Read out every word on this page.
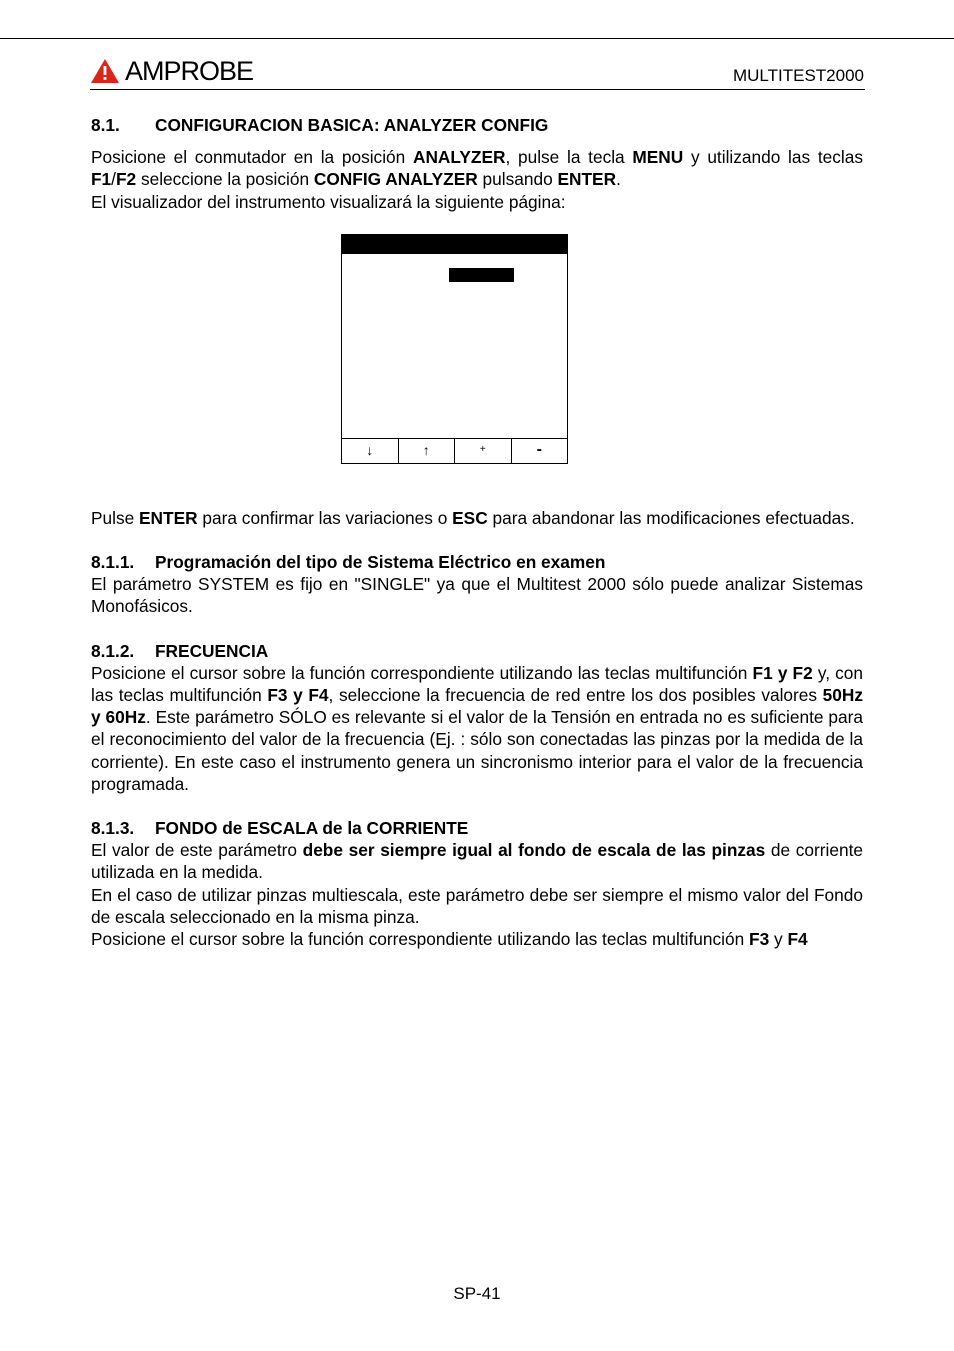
AMPROBE	MULTITEST2000
8.1.	CONFIGURACION BASICA: ANALYZER CONFIG

Posicione el conmutador en la posición ANALYZER, pulse la tecla MENU y utilizando las teclas F1/F2 seleccione la posición CONFIG ANALYZER pulsando ENTER.

El visualizador del instrumento visualizará la siguiente página:

Pulse ENTER para confirmar las variaciones o ESC para abandonar las modificaciones efectuadas.

8.1.1.	Programación del tipo de Sistema Eléctrico en examen

El parámetro SYSTEM es fijo en "SINGLE" ya que el Multitest 2000 sólo puede analizar Sistemas Monofásicos.

8.1.2.	FRECUENCIA

Posicione el cursor sobre la función correspondiente utilizando las teclas multifunción F1 y F2 y, con las teclas multifunción F3 y F4, seleccione la frecuencia de red entre los dos posibles valores 50Hz y 60Hz. Este parámetro SÓLO es relevante si el valor de la Tensión en entrada no es suficiente para el reconocimiento del valor de la frecuencia (Ej. : sólo son conectadas las pinzas por la medida de la corriente). En este caso el instrumento genera un sincronismo interior para el valor de la frecuencia programada.

8.1.3.	FONDO de ESCALA de la CORRIENTE

El valor de este parámetro debe ser siempre igual al fondo de escala de las pinzas de corriente utilizada en la medida.

En el caso de utilizar pinzas multiescala, este parámetro debe ser siempre el mismo valor del Fondo de escala seleccionado en la misma pinza.

Posicione el cursor sobre la función correspondiente utilizando las teclas multifunción F3 y F4

↓	↑	+	-
SP-41
